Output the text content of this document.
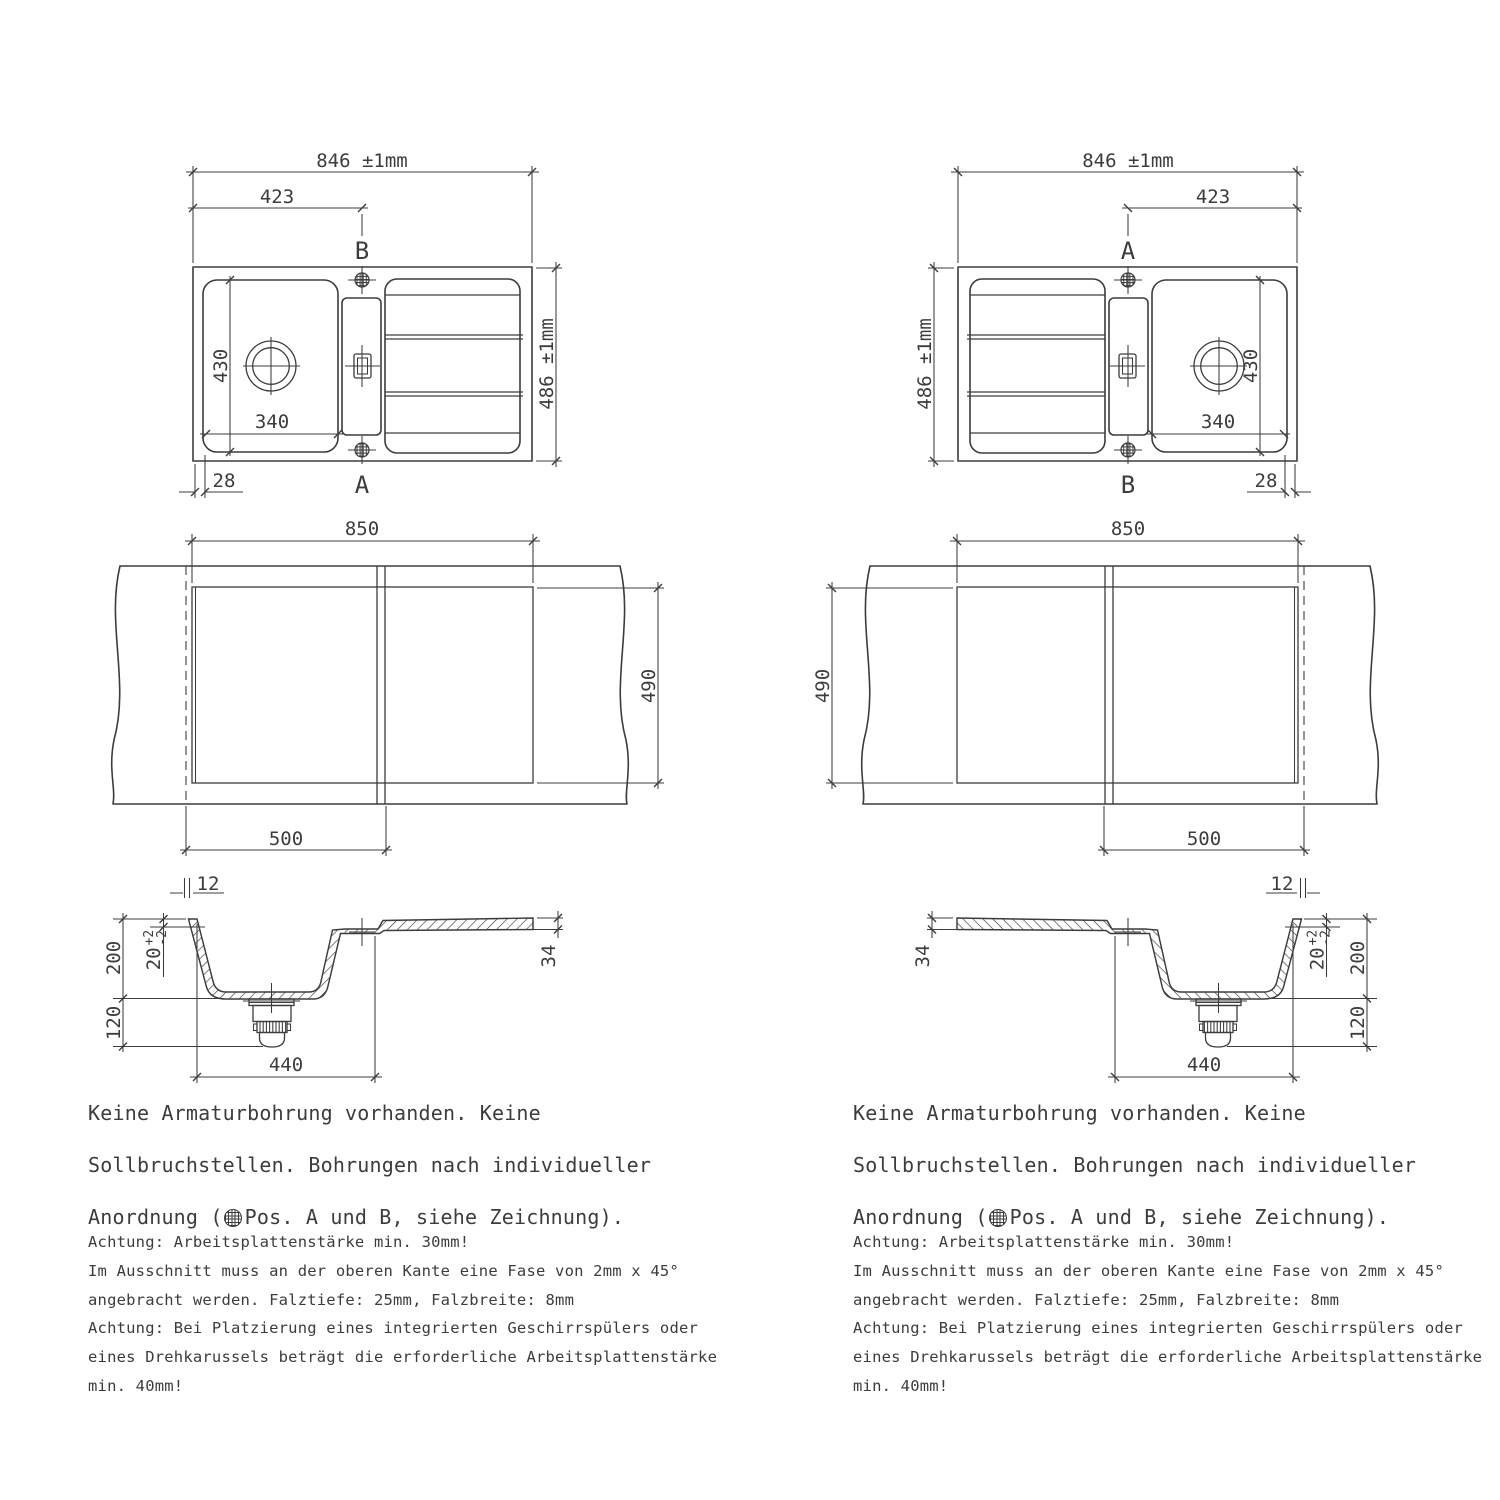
846 ±1mm
423
B
430
340
A
486 ±1mm
28
850
490
500
12
200 $20^{+2}-2$
120
440
34
846 ±1mm
423
A
430
340
B
486 ±1mm
28
850
490
500
12
200
$20^{+2}-2$
120
440
34
Keine Armaturbohrung vorhanden. Keine
Sollbruchstellen. Bohrungen nach individueller
Anordnung ( Pos. A und B, siehe Zeichnung).
Achtung: Arbeitsplattenstärke min. 30mm!
Im Ausschnitt muss an der oberen Kante eine Fase von 2mm x 45°
angebracht werden. Falztiefe: 25mm, Falzbreite: 8mm
Achtung: Bei Platzierung eines integrierten Geschirrspülers oder
eines Drehkarussels beträgt die erforderliche Arbeitsplattenstärke
min. 40mm!
Keine Armaturbohrung vorhanden. Keine
Sollbruchstellen. Bohrungen nach individueller
Anordnung ( Pos. A und B, siehe Zeichnung).
Achtung: Arbeitsplattenstärke min. 30mm!
Im Ausschnitt muss an der oberen Kante eine Fase von 2mm x 45°
angebracht werden. Falztiefe: 25mm, Falzbreite: 8mm
Achtung: Bei Platzierung eines integrierten Geschirrspülers oder
eines Drehkarussels beträgt die erforderliche Arbeitsplattenstärke
min. 40mm!
